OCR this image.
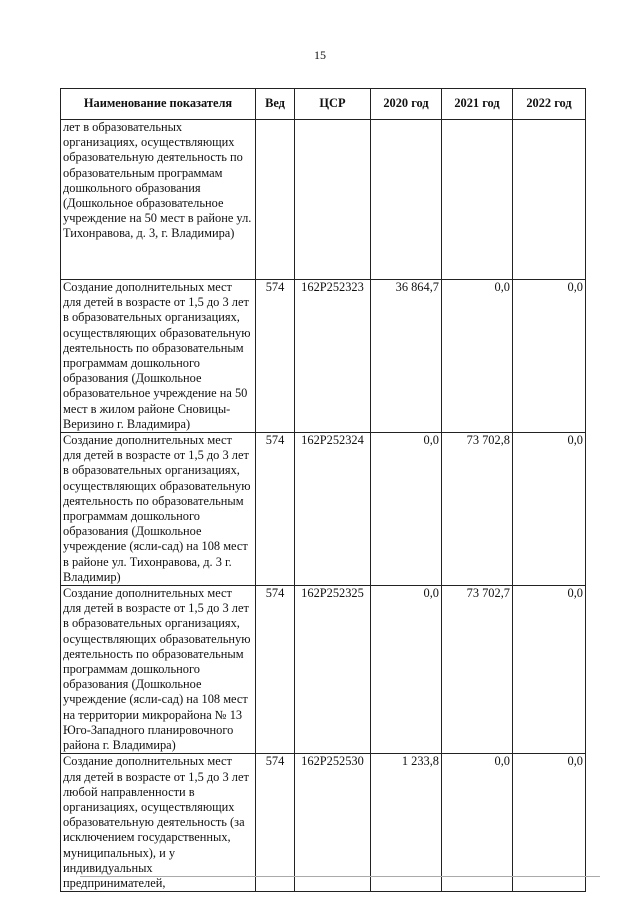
15
Наименование показателя	Вед	ЦСР	2020 год	2021 год	2022 год
лет в образовательных организациях, осуществляющих образовательную деятельность по образовательным программам дошкольного образования (Дошкольное образовательное учреждение на 50 мест в районе ул. Тихонравова, д. 3, г. Владимира)					
Создание дополнительных мест для детей в возрасте от 1,5 до 3 лет в образовательных организациях, осуществляющих образовательную деятельность по образовательным программам дошкольного образования (Дошкольное образовательное учреждение на 50 мест в жилом районе Сновицы-Веризино г. Владимира)	574	162P252323	36 864,7	0,0	0,0
Создание дополнительных мест для детей в возрасте от 1,5 до 3 лет в образовательных организациях, осуществляющих образовательную деятельность по образовательным программам дошкольного образования (Дошкольное учреждение (ясли-сад) на 108 мест в районе ул. Тихонравова, д. 3 г. Владимир)	574	162P252324	0,0	73 702,8	0,0
Создание дополнительных мест для детей в возрасте от 1,5 до 3 лет в образовательных организациях, осуществляющих образовательную деятельность по образовательным программам дошкольного образования (Дошкольное учреждение (ясли-сад) на 108 мест на территории микрорайона № 13 Юго-Западного планировочного района г. Владимира)	574	162P252325	0,0	73 702,7	0,0
Создание дополнительных мест для детей в возрасте от 1,5 до 3 лет любой направленности в организациях, осуществляющих образовательную деятельность (за исключением государственных, муниципальных), и у индивидуальных предпринимателей,	574	162P252530	1 233,8	0,0	0,0
